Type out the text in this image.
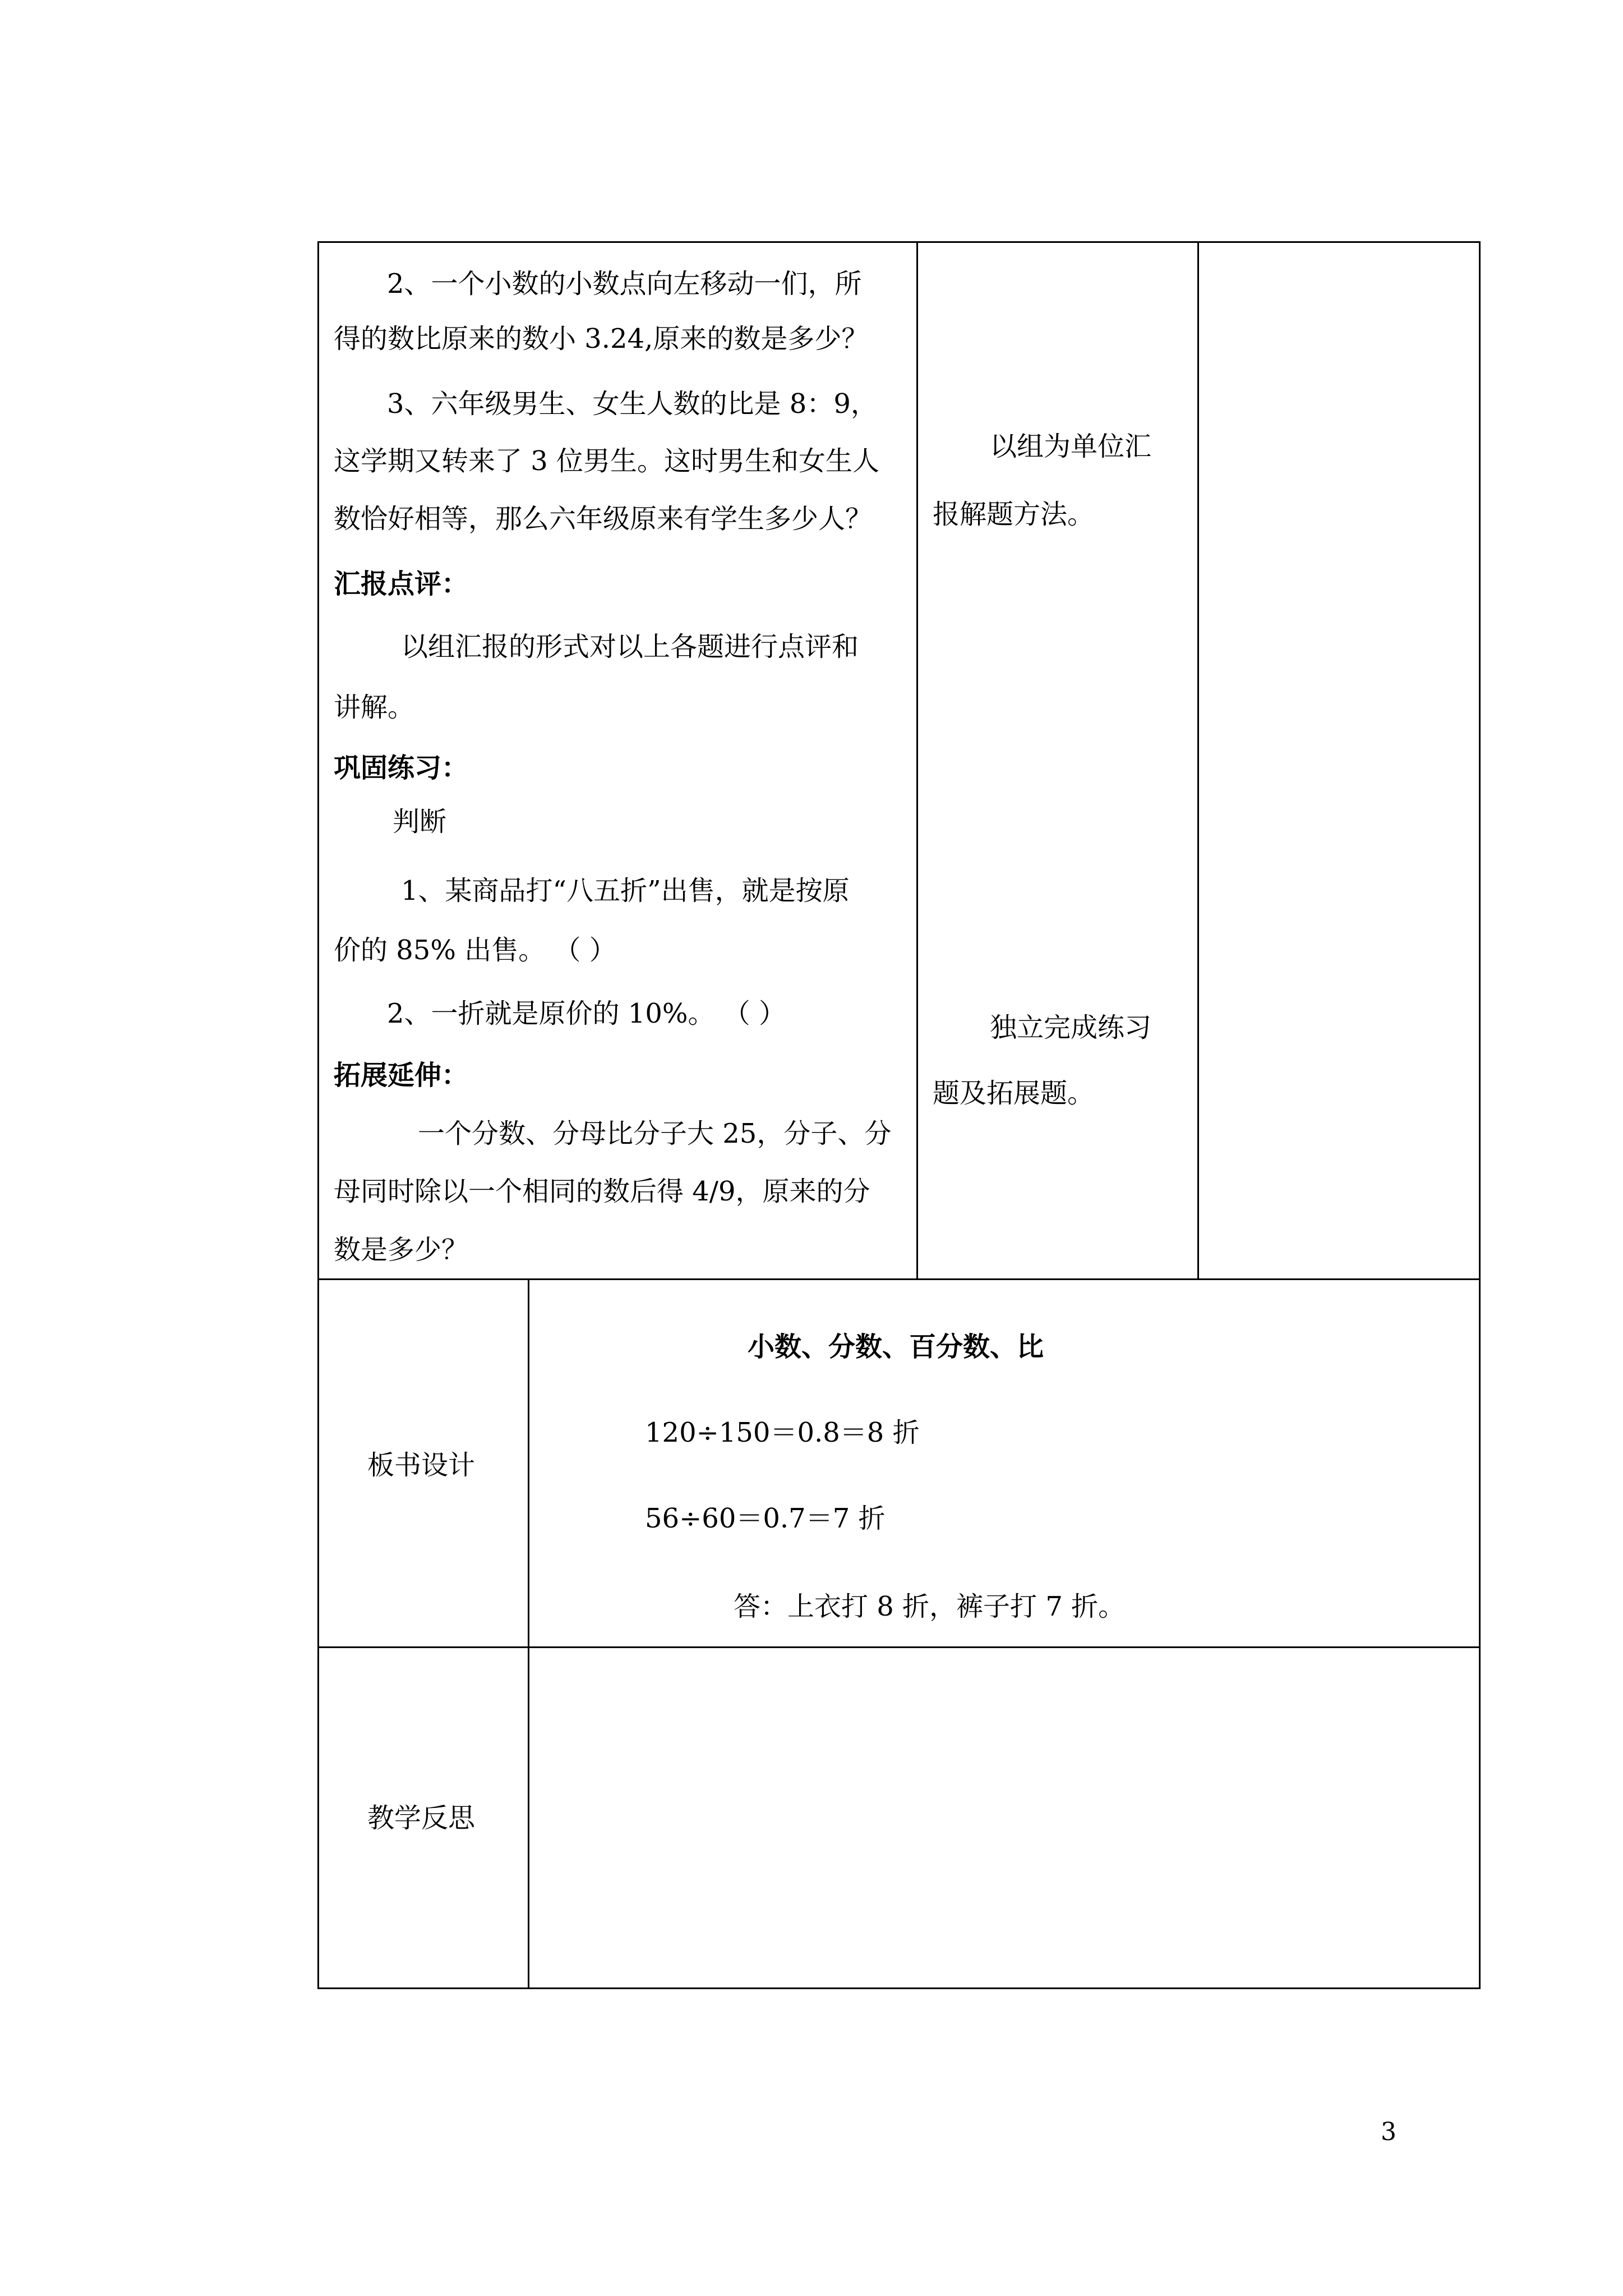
2、一个小数的小数点向左移动一们，所
得的数比原来的数小 3.24,原来的数是多少？
3、六年级男生、女生人数的比是 8：9，
这学期又转来了 3 位男生。这时男生和女生人
数恰好相等，那么六年级原来有学生多少人？
汇报点评：
以组汇报的形式对以上各题进行点评和
讲解。
巩固练习：
判断
1、某商品打“八五折”出售，就是按原
价的 85% 出售。 （ ）
2、一折就是原价的 10%。 （ ）
拓展延伸：
一个分数、分母比分子大 25，分子、分
母同时除以一个相同的数后得 4/9，原来的分
数是多少？
以组为单位汇
报解题方法。
独立完成练习
题及拓展题。
板书设计
小数、分数、百分数、比
120÷150＝0.8＝8 折
56÷60＝0.7＝7 折
答：上衣打 8 折，裤子打 7 折。
教学反思
3
